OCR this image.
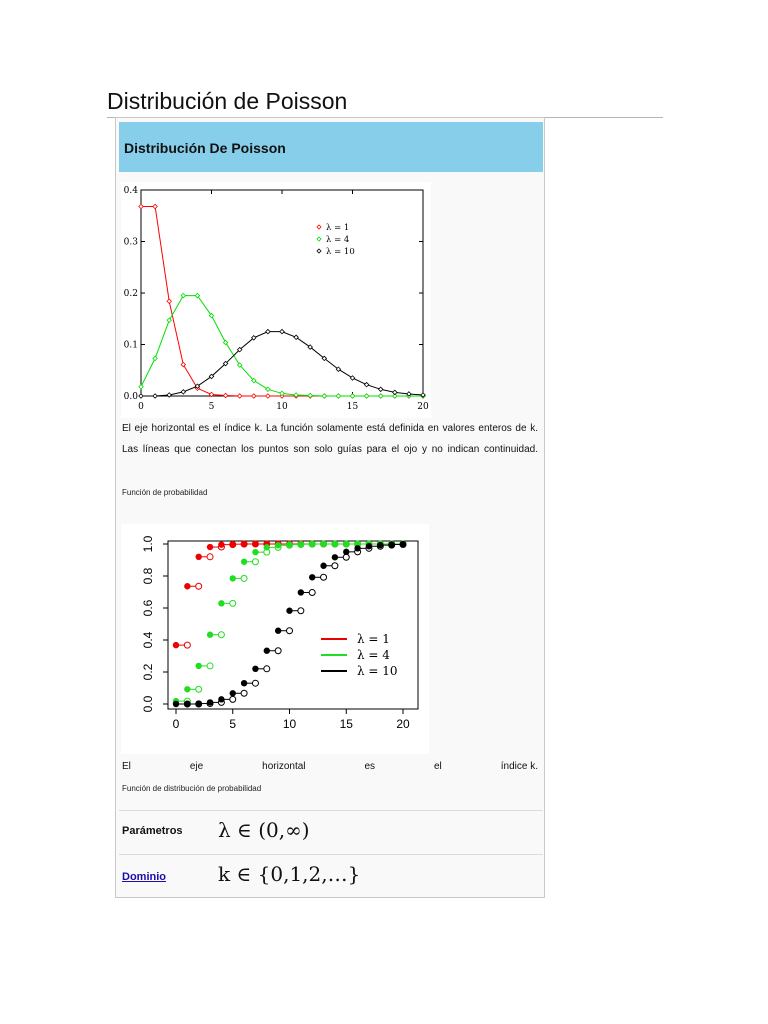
Distribución de Poisson
Distribución De Poisson
0	5	10	15	20
0.0
0.1
0.2
0.3
0.4
λ = 1
λ = 4
λ = 10
El eje horizontal es el índice k. La función solamente está definida en valores enteros de k. Las líneas que conectan los puntos son solo guías para el ojo y no indican continuidad.
Función de probabilidad
0	5	10	15	20
0.0
0.2
0.4
0.6
0.8
1.0
λ = 1
λ = 4
λ = 10
El	eje	horizontal	es	el	índice k.
Función de distribución de probabilidad
Parámetros λ ∈ (0,∞)
Dominio	k ∈ {0,1,2,…}
